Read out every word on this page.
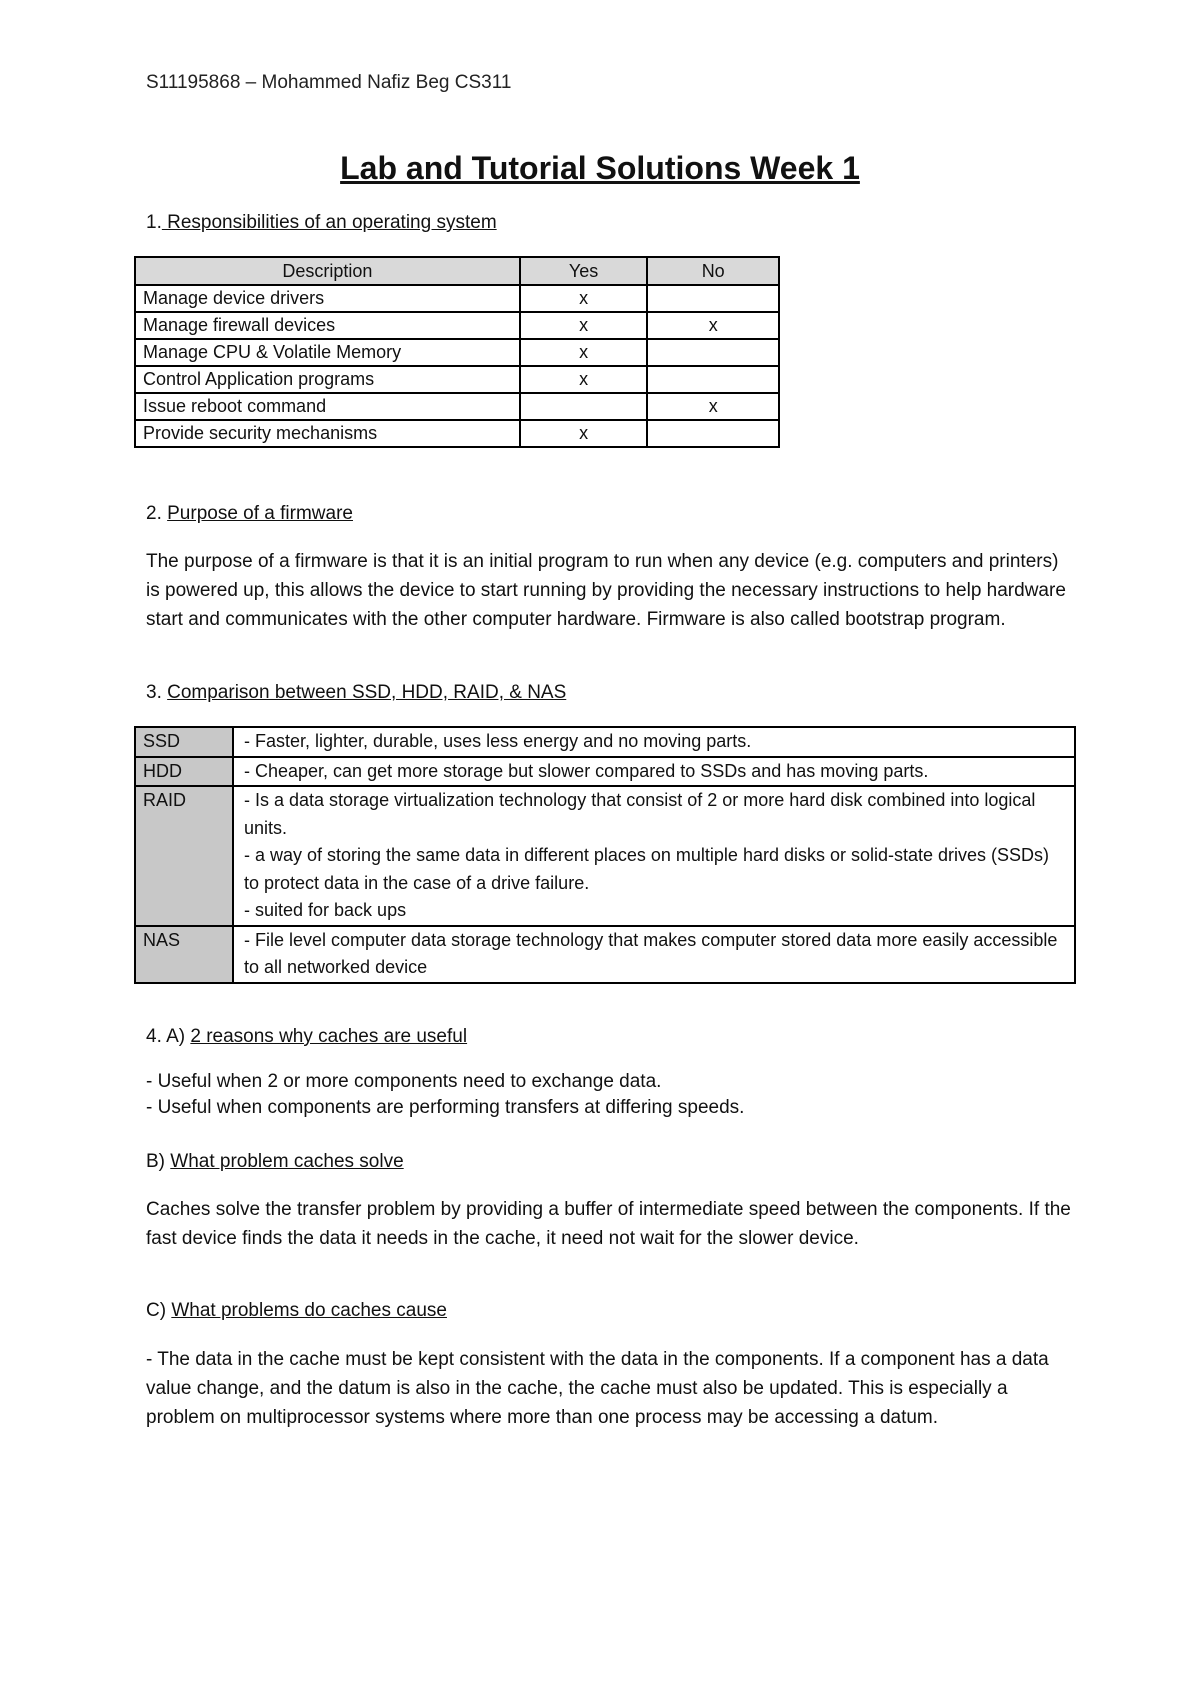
S11195868 – Mohammed Nafiz Beg CS311
Lab and Tutorial Solutions Week 1
1. Responsibilities of an operating system
Description	Yes	No
Manage device drivers	x	
Manage firewall devices	x	x
Manage CPU & Volatile Memory	x	
Control Application programs	x	
Issue reboot command		x
Provide security mechanisms	x	
2. Purpose of a firmware

The purpose of a firmware is that it is an initial program to run when any device (e.g. computers and printers) is powered up, this allows the device to start running by providing the necessary instructions to help hardware start and communicates with the other computer hardware. Firmware is also called bootstrap program.

3. Comparison between SSD, HDD, RAID, & NAS
SSD	- Faster, lighter, durable, uses less energy and no moving parts.

HDD	- Cheaper, can get more storage but slower compared to SSDs and has moving parts.

RAID	- Is a data storage virtualization technology that consist of 2 or more hard disk combined into logical units.
- a way of storing the same data in different places on multiple hard disks or solid-state drives (SSDs) to protect data in the case of a drive failure.
- suited for back ups

NAS	- File level computer data storage technology that makes computer stored data more easily accessible to all networked device
4. A) 2 reasons why caches are useful
- Useful when 2 or more components need to exchange data.
- Useful when components are performing transfers at differing speeds.
B) What problem caches solve

Caches solve the transfer problem by providing a buffer of intermediate speed between the components. If the fast device finds the data it needs in the cache, it need not wait for the slower device.

C) What problems do caches cause

- The data in the cache must be kept consistent with the data in the components. If a component has a data value change, and the datum is also in the cache, the cache must also be updated. This is especially a problem on multiprocessor systems where more than one process may be accessing a datum.
